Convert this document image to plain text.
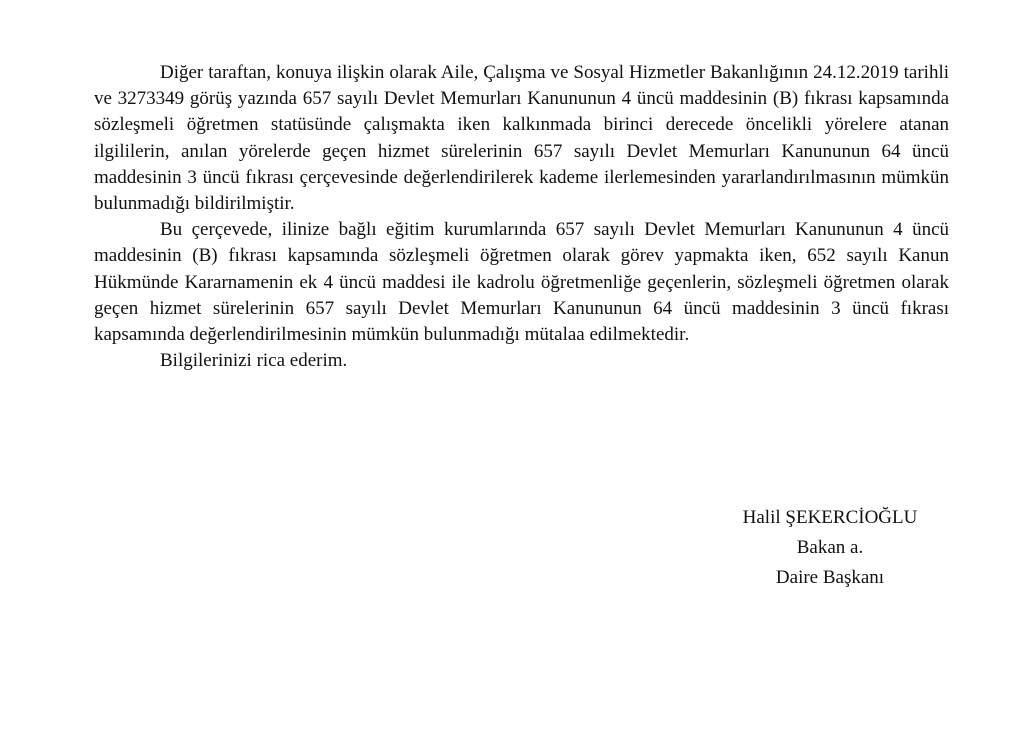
Diğer taraftan, konuya ilişkin olarak Aile, Çalışma ve Sosyal Hizmetler Bakanlığının 24.12.2019 tarihli ve 3273349 görüş yazında 657 sayılı Devlet Memurları Kanununun 4 üncü maddesinin (B) fıkrası kapsamında sözleşmeli öğretmen statüsünde çalışmakta iken kalkınmada birinci derecede öncelikli yörelere atanan ilgililerin, anılan yörelerde geçen hizmet sürelerinin 657 sayılı Devlet Memurları Kanununun 64 üncü maddesinin 3 üncü fıkrası çerçevesinde değerlendirilerek kademe ilerlemesinden yararlandırılmasının mümkün bulunmadığı bildirilmiştir.

Bu çerçevede, ilinize bağlı eğitim kurumlarında 657 sayılı Devlet Memurları Kanununun 4 üncü maddesinin (B) fıkrası kapsamında sözleşmeli öğretmen olarak görev yapmakta iken, 652 sayılı Kanun Hükmünde Kararnamenin ek 4 üncü maddesi ile kadrolu öğretmenliğe geçenlerin, sözleşmeli öğretmen olarak geçen hizmet sürelerinin 657 sayılı Devlet Memurları Kanununun 64 üncü maddesinin 3 üncü fıkrası kapsamında değerlendirilmesinin mümkün bulunmadığı mütalaa edilmektedir.

Bilgilerinizi rica ederim.

Halil ŞEKERCİOĞLU
Bakan a.
Daire Başkanı
